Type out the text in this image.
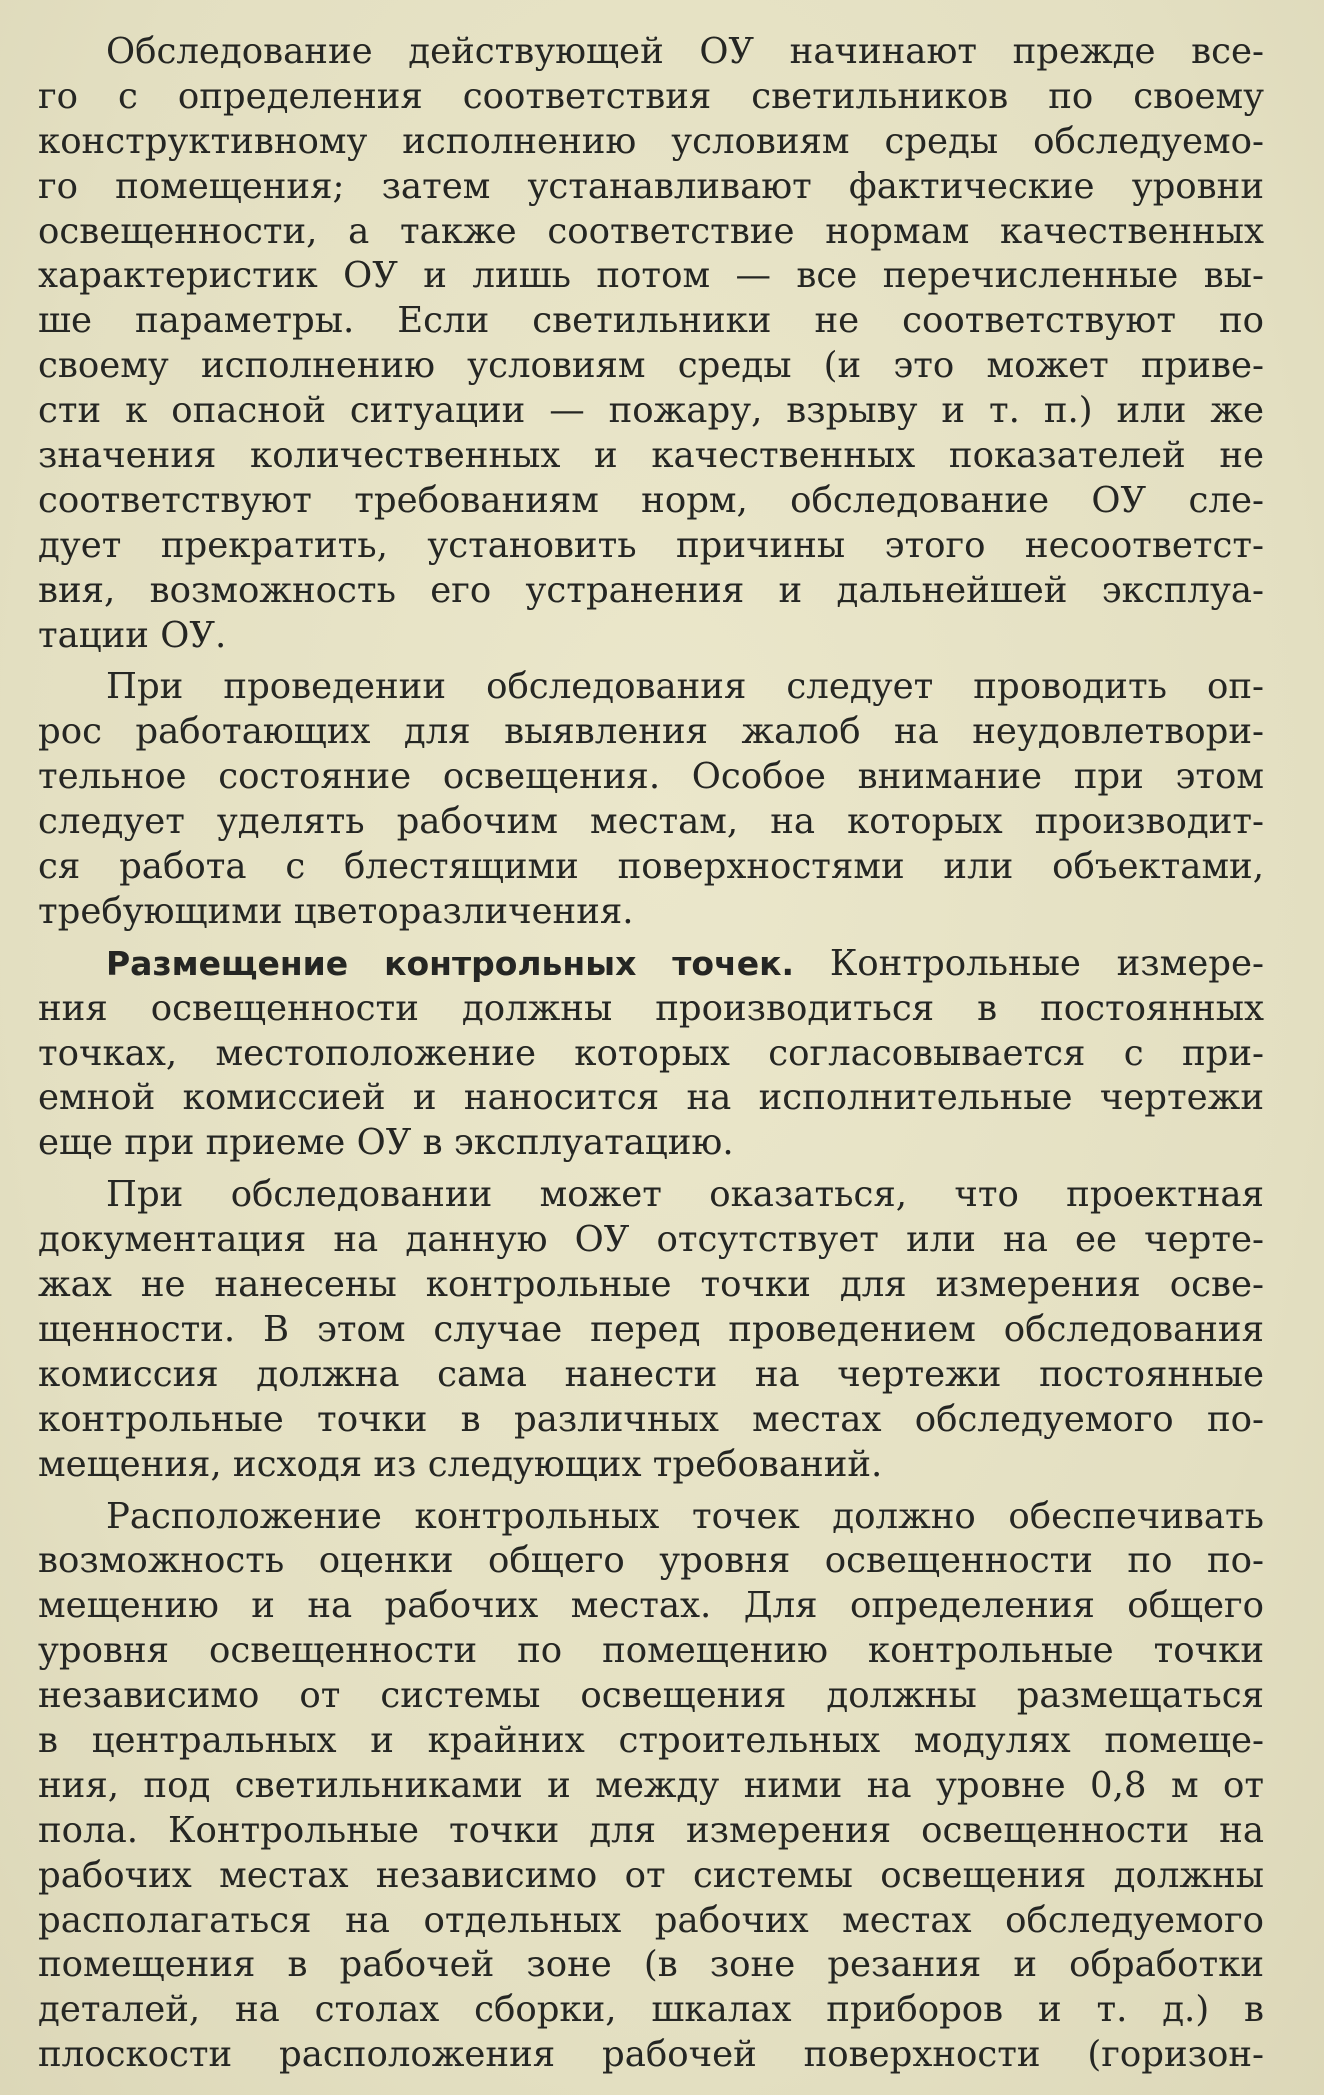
Обследование действующей ОУ начинают прежде все-
го с определения соответствия светильников по своему
конструктивному исполнению условиям среды обследуемо-
го помещения; затем устанавливают фактические уровни
освещенности, а также соответствие нормам качественных
характеристик ОУ и лишь потом — все перечисленные вы-
ше параметры. Если светильники не соответствуют по
своему исполнению условиям среды (и это может приве-
сти к опасной ситуации — пожару, взрыву и т. п.) или же
значения количественных и качественных показателей не
соответствуют требованиям норм, обследование ОУ сле-
дует прекратить, установить причины этого несоответст-
вия, возможность его устранения и дальнейшей эксплуа-
тации ОУ.
При проведении обследования следует проводить оп-
рос работающих для выявления жалоб на неудовлетвори-
тельное состояние освещения. Особое внимание при этом
следует уделять рабочим местам, на которых производит-
ся работа с блестящими поверхностями или объектами,
требующими цветоразличения.
Размещение контрольных точек. Контрольные измере-
ния освещенности должны производиться в постоянных
точках, местоположение которых согласовывается с при-
емной комиссией и наносится на исполнительные чертежи
еще при приеме ОУ в эксплуатацию.
При обследовании может оказаться, что проектная
документация на данную ОУ отсутствует или на ее черте-
жах не нанесены контрольные точки для измерения осве-
щенности. В этом случае перед проведением обследования
комиссия должна сама нанести на чертежи постоянные
контрольные точки в различных местах обследуемого по-
мещения, исходя из следующих требований.
Расположение контрольных точек должно обеспечивать
возможность оценки общего уровня освещенности по по-
мещению и на рабочих местах. Для определения общего
уровня освещенности по помещению контрольные точки
независимо от системы освещения должны размещаться
в центральных и крайних строительных модулях помеще-
ния, под светильниками и между ними на уровне 0,8 м от
пола. Контрольные точки для измерения освещенности на
рабочих местах независимо от системы освещения должны
располагаться на отдельных рабочих местах обследуемого
помещения в рабочей зоне (в зоне резания и обработки
деталей, на столах сборки, шкалах приборов и т. д.) в
плоскости расположения рабочей поверхности (горизон-
